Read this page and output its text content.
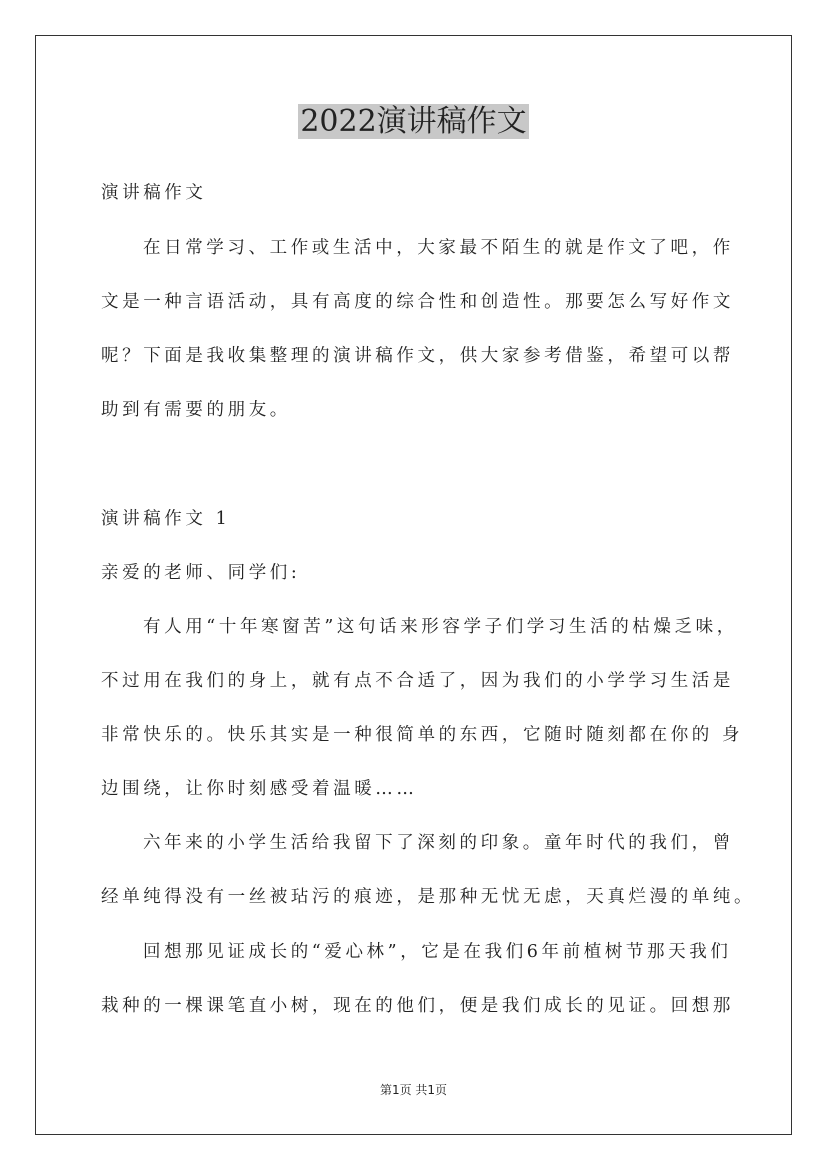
2022演讲稿作文
演讲稿作文
在日常学习、工作或生活中，大家最不陌生的就是作文了吧，作
文是一种言语活动，具有高度的综合性和创造性。那要怎么写好作文
呢？下面是我收集整理的演讲稿作文，供大家参考借鉴，希望可以帮
助到有需要的朋友。
演讲稿作文 1
亲爱的老师、同学们:
有人用“十年寒窗苦”这句话来形容学子们学习生活的枯燥乏味，
不过用在我们的身上，就有点不合适了，因为我们的小学学习生活是
非常快乐的。快乐其实是一种很简单的东西，它随时随刻都在你的 身
边围绕，让你时刻感受着温暖……
六年来的小学生活给我留下了深刻的印象。童年时代的我们，曾
经单纯得没有一丝被玷污的痕迹，是那种无忧无虑，天真烂漫的单纯。
回想那见证成长的“爱心林”，它是在我们6年前植树节那天我们
栽种的一棵课笔直小树，现在的他们，便是我们成长的见证。回想那
第1页 共1页
